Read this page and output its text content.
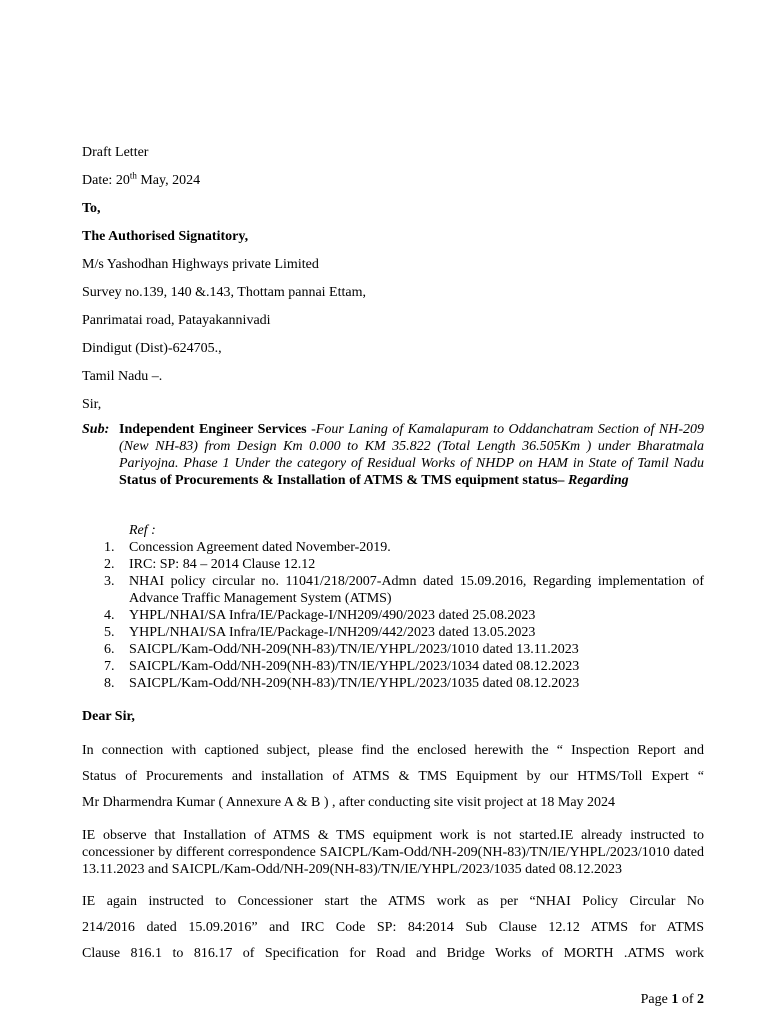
Draft Letter
Date: 20th May, 2024
To,
The Authorised Signatitory,
M/s Yashodhan Highways private Limited
Survey no.139, 140 &.143, Thottam pannai Ettam,
Panrimatai road, Patayakannivadi
Dindigut (Dist)-624705.,
Tamil Nadu –.
Sir,
Sub: Independent Engineer Services -Four Laning of Kamalapuram to Oddanchatram Section of NH-209 (New NH-83) from Design Km 0.000 to KM 35.822 (Total Length 36.505Km ) under Bharatmala Pariyojna. Phase 1 Under the category of Residual Works of NHDP on HAM in State of Tamil Nadu Status of Procurements & Installation of ATMS & TMS equipment status– Regarding
Ref :
1. Concession Agreement dated November-2019.
2. IRC: SP: 84 – 2014 Clause 12.12
3. NHAI policy circular no. 11041/218/2007-Admn dated 15.09.2016, Regarding implementation of Advance Traffic Management System (ATMS)
4. YHPL/NHAI/SA Infra/IE/Package-I/NH209/490/2023 dated 25.08.2023
5. YHPL/NHAI/SA Infra/IE/Package-I/NH209/442/2023 dated 13.05.2023
6. SAICPL/Kam-Odd/NH-209(NH-83)/TN/IE/YHPL/2023/1010 dated 13.11.2023
7. SAICPL/Kam-Odd/NH-209(NH-83)/TN/IE/YHPL/2023/1034 dated 08.12.2023
8. SAICPL/Kam-Odd/NH-209(NH-83)/TN/IE/YHPL/2023/1035 dated 08.12.2023
Dear Sir,
In connection with captioned subject, please find the enclosed herewith the “ Inspection Report and
Status of Procurements and installation of ATMS & TMS Equipment by our HTMS/Toll Expert “
Mr Dharmendra Kumar ( Annexure A & B ) , after conducting site visit project at 18 May 2024
IE observe that Installation of ATMS & TMS equipment work is not started.IE already instructed to concessioner by different correspondence SAICPL/Kam-Odd/NH-209(NH-83)/TN/IE/YHPL/2023/1010 dated 13.11.2023 and SAICPL/Kam-Odd/NH-209(NH-83)/TN/IE/YHPL/2023/1035 dated 08.12.2023
IE again instructed to Concessioner start the ATMS work as per “NHAI Policy Circular No
214/2016 dated 15.09.2016” and IRC Code SP: 84:2014 Sub Clause 12.12 ATMS for ATMS
Clause 816.1 to 816.17 of Specification for Road and Bridge Works of MORTH .ATMS work
Page 1 of 2
